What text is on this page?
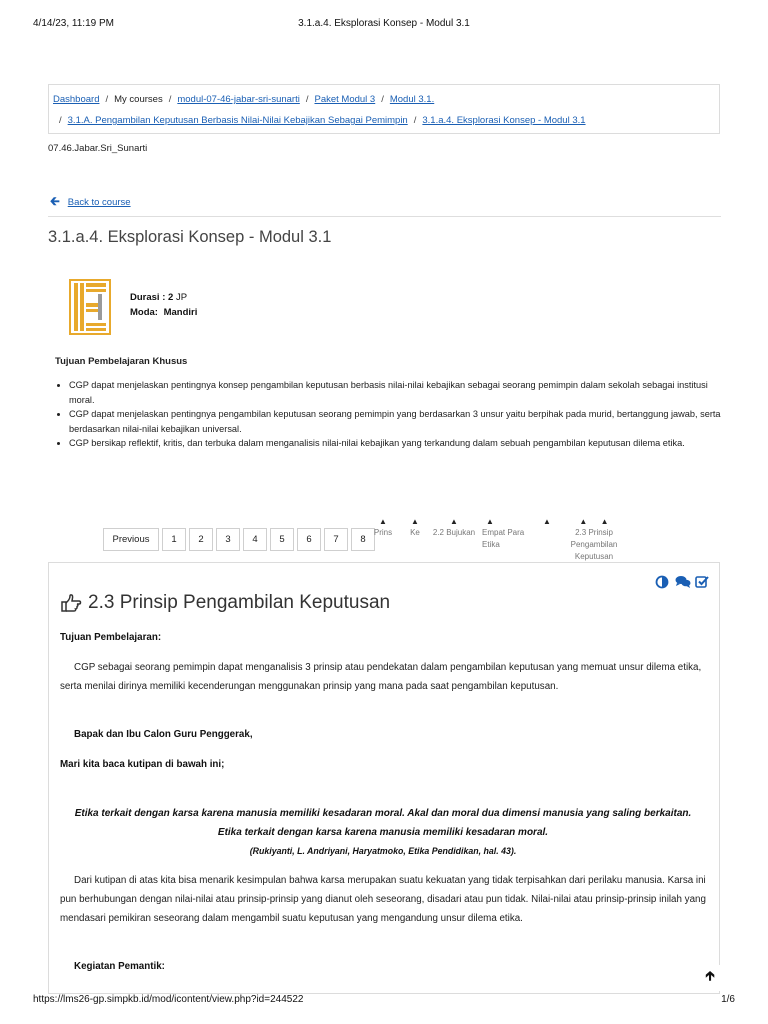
4/14/23, 11:19 PM	3.1.a.4. Eksplorasi Konsep - Modul 3.1
Dashboard / My courses / modul-07-46-jabar-sri-sunarti / Paket Modul 3 / Modul 3.1.
/ 3.1.A. Pengambilan Keputusan Berbasis Nilai-Nilai Kebajikan Sebagai Pemimpin / 3.1.a.4. Eksplorasi Konsep - Modul 3.1
07.46.Jabar.Sri_Sunarti
🡰 Back to course
3.1.a.4. Eksplorasi Konsep - Modul 3.1
Durasi : 2 JP
Moda: Mandiri
Tujuan Pembelajaran Khusus
• CGP dapat menjelaskan pentingnya konsep pengambilan keputusan berbasis nilai-nilai kebajikan sebagai seorang pemimpin dalam sekolah sebagai institusi moral.
• CGP dapat menjelaskan pentingnya pengambilan keputusan seorang pemimpin yang berdasarkan 3 unsur yaitu berpihak pada murid, bertanggung jawab, serta berdasarkan nilai-nilai kebajikan universal.
• CGP bersikap reflektif, kritis, dan terbuka dalam menganalisis nilai-nilai kebajikan yang terkandung dalam sebuah pengambilan keputusan dilema etika.
Previous	1	2	3	4	5	6	7	8
▲
Prins
▲
Ke
▲
2.2 Bujukan
▲
Empat Para Etika
▲	▲      ▲
2.3 Prinsip Pengambilan Keputusan
2.3 Prinsip Pengambilan Keputusan
Tujuan Pembelajaran:

CGP sebagai seorang pemimpin dapat menganalisis 3 prinsip atau pendekatan dalam pengambilan keputusan yang memuat unsur dilema etika, serta menilai dirinya memiliki kecenderungan menggunakan prinsip yang mana pada saat pengambilan keputusan.

Bapak dan Ibu Calon Guru Penggerak,
Mari kita baca kutipan di bawah ini;

Etika terkait dengan karsa karena manusia memiliki kesadaran moral. Akal dan moral dua dimensi manusia yang saling berkaitan. Etika terkait dengan karsa karena manusia memiliki kesadaran moral.

(Rukiyanti, L. Andriyani, Haryatmoko, Etika Pendidikan, hal. 43).

Dari kutipan di atas kita bisa menarik kesimpulan bahwa karsa merupakan suatu kekuatan yang tidak terpisahkan dari perilaku manusia. Karsa ini pun berhubungan dengan nilai-nilai atau prinsip-prinsip yang dianut oleh seseorang, disadari atau pun tidak. Nilai-nilai atau prinsip-prinsip inilah yang mendasari pemikiran seseorang dalam mengambil suatu keputusan yang mengandung unsur dilema etika.

Kegiatan Pemantik:
🡱
https://lms26-gp.simpkb.id/mod/icontent/view.php?id=244522	1/6
